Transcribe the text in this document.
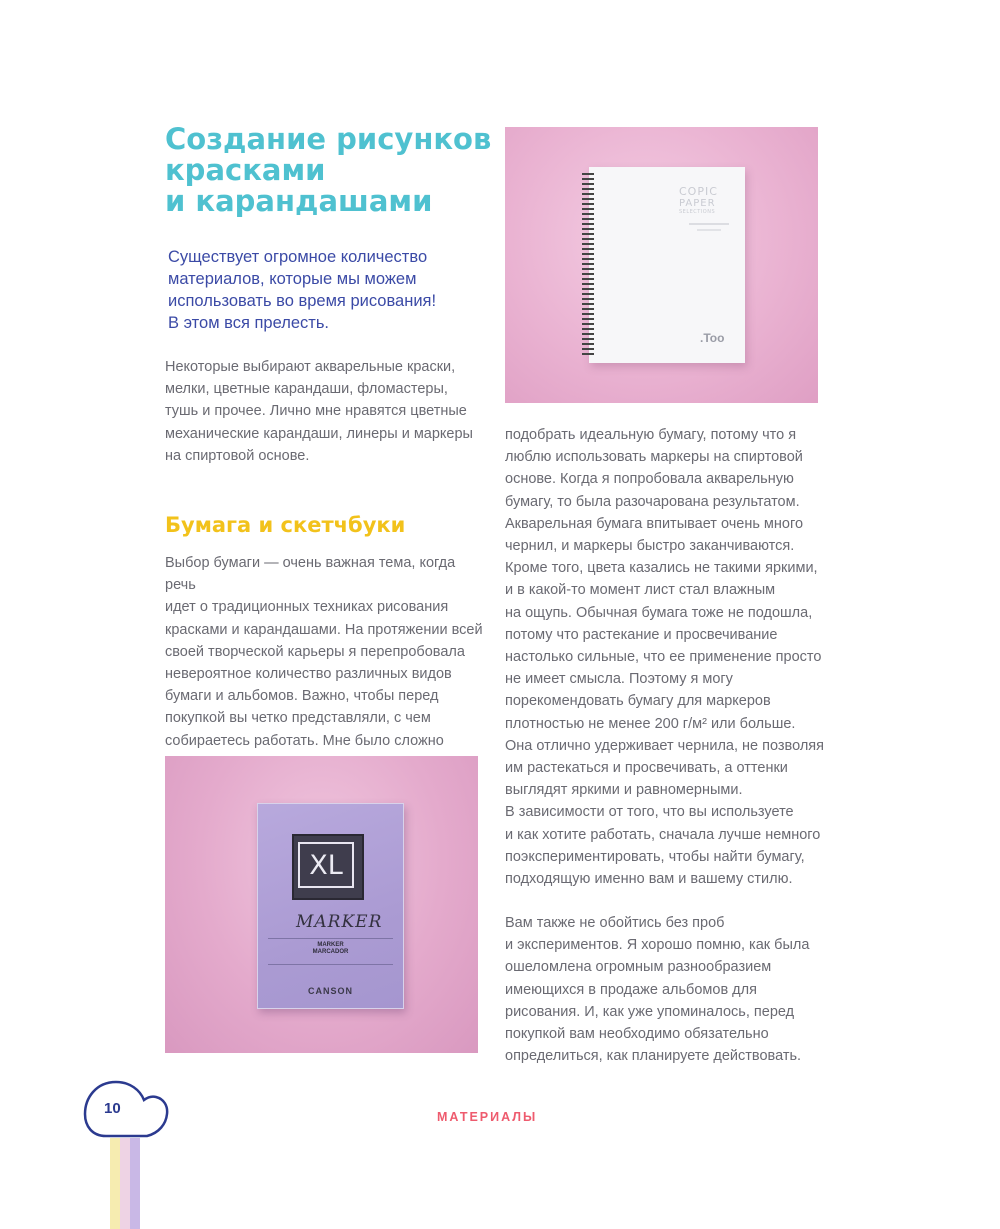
Создание рисунков
красками
и карандашами

Существует огромное количество
материалов, которые мы можем
использовать во время рисования!
В этом вся прелесть.

Некоторые выбирают акварельные краски,
мелки, цветные карандаши, фломастеры,
тушь и прочее. Лично мне нравятся цветные
механические карандаши, линеры и маркеры
на спиртовой основе.

Бумага и скетчбуки

Выбор бумаги — очень важная тема, когда речь
идет о традиционных техниках рисования
красками и карандашами. На протяжении всей
своей творческой карьеры я перепробовала
невероятное количество различных видов
бумаги и альбомов. Важно, чтобы перед
покупкой вы четко представляли, с чем
собираетесь работать. Мне было сложно

подобрать идеальную бумагу, потому что я
люблю использовать маркеры на спиртовой
основе. Когда я попробовала акварельную
бумагу, то была разочарована результатом.
Акварельная бумага впитывает очень много
чернил, и маркеры быстро заканчиваются.
Кроме того, цвета казались не такими яркими,
и в какой-то момент лист стал влажным
на ощупь. Обычная бумага тоже не подошла,
потому что растекание и просвечивание
настолько сильные, что ее применение просто
не имеет смысла. Поэтому я могу
порекомендовать бумагу для маркеров
плотностью не менее 200 г/м² или больше.
Она отлично удерживает чернила, не позволяя
им растекаться и просвечивать, а оттенки
выглядят яркими и равномерными.
В зависимости от того, что вы используете
и как хотите работать, сначала лучше немного
поэкспериментировать, чтобы найти бумагу,
подходящую именно вам и вашему стилю.

Вам также не обойтись без проб
и экспериментов. Я хорошо помню, как была
ошеломлена огромным разнообразием
имеющихся в продаже альбомов для
рисования. И, как уже упоминалось, перед
покупкой вам необходимо обязательно
определиться, как планируете действовать.

COPIC
PAPER
SELECTIONS
.Too
XL
MARKER
MARKER
MARCADOR
CANSON
10	МАТЕРИАЛЫ
